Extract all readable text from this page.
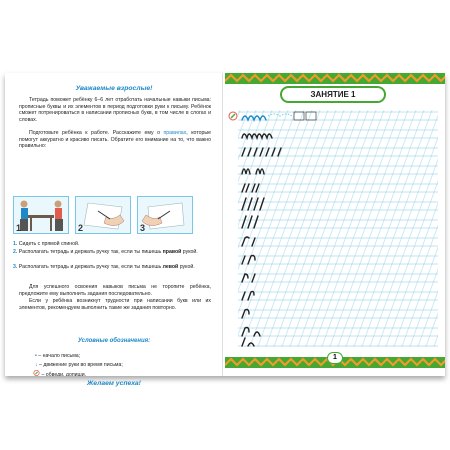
Уважаемые взрослые!
Тетрадь поможет ребёнку 6–6 лет отработать начальные навыки письма: прописные буквы и их элементов в период подготовки руки к письму. Ребёнок сможет потренироваться в написании прописных букв, в том числе в слогах и словах.
Подготовьте ребёнка к работе. Расскажите ему о правилах, которые помогут аккуратно и красиво писать. Обратите его внимание на то, что важно правильно:
1	2	3
1. Сидеть с прямой спиной.
2. Располагать тетрадь и держать ручку так, если ты пишешь правой рукой.
3. Располагать тетрадь и держать ручку так, если ты пишешь левой рукой.
Для успешного освоения навыков письма не торопите ребёнка, предложите ему выполнить задания последовательно.
Если у ребёнка возникнут трудности при написании букв или их элементов, рекомендуем выполнить такие же задания повторно.
Условные обозначения:
• – начало письма;
↓ – движение руки во время письма;
– обведи, допиши.
ЗАНЯТИЕ 1
1
Желаем успеха!
